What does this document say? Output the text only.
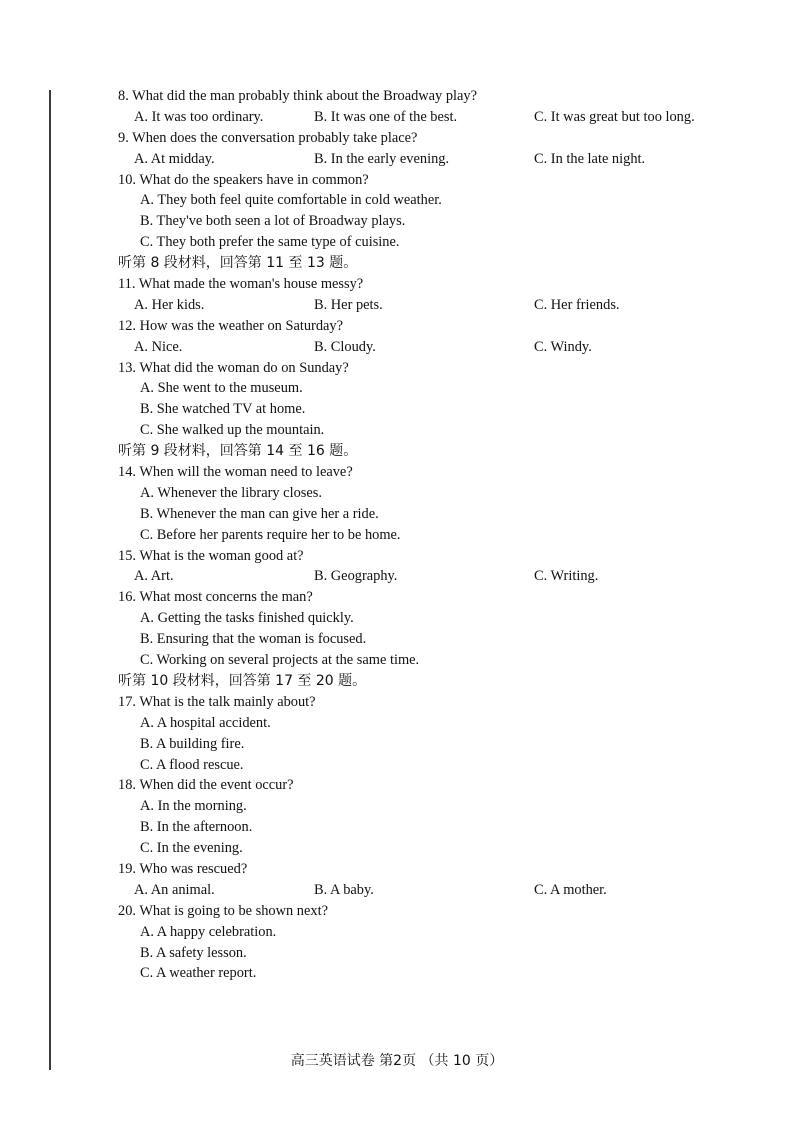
8. What did the man probably think about the Broadway play?
A. It was too ordinary.	B. It was one of the best.	C. It was great but too long.
9. When does the conversation probably take place?
A. At midday.	B. In the early evening.	C. In the late night.
10. What do the speakers have in common?
A. They both feel quite comfortable in cold weather.
B. They've both seen a lot of Broadway plays.
C. They both prefer the same type of cuisine.
听第 8 段材料，回答第 11 至 13 题。
11. What made the woman's house messy?
A. Her kids.	B. Her pets.	C. Her friends.
12. How was the weather on Saturday?
A. Nice.	B. Cloudy.	C. Windy.
13. What did the woman do on Sunday?
A. She went to the museum.
B. She watched TV at home.
C. She walked up the mountain.
听第 9 段材料，回答第 14 至 16 题。
14. When will the woman need to leave?
A. Whenever the library closes.
B. Whenever the man can give her a ride.
C. Before her parents require her to be home.
15. What is the woman good at?
A. Art.	B. Geography.	C. Writing.
16. What most concerns the man?
A. Getting the tasks finished quickly.
B. Ensuring that the woman is focused.
C. Working on several projects at the same time.
听第 10 段材料，回答第 17 至 20 题。
17. What is the talk mainly about?
A. A hospital accident.
B. A building fire.
C. A flood rescue.
18. When did the event occur?
A. In the morning.
B. In the afternoon.
C. In the evening.
19. Who was rescued?
A. An animal.	B. A baby.	C. A mother.
20. What is going to be shown next?
A. A happy celebration.
B. A safety lesson.
C. A weather report.
高三英语试卷 第2页 （共 10 页）
